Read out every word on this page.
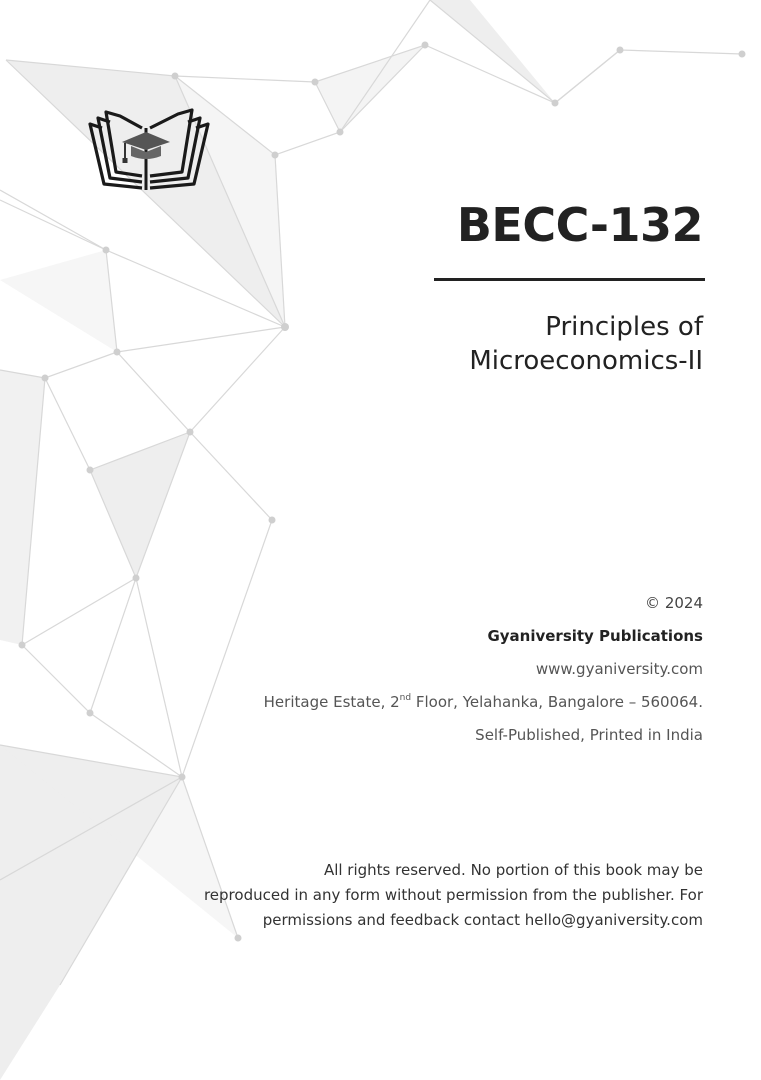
BECC-132
Principles of
Microeconomics-II
© 2024
Gyaniversity Publications
www.gyaniversity.com
Heritage Estate, 2nd Floor, Yelahanka, Bangalore – 560064.
Self-Published, Printed in India
All rights reserved. No portion of this book may be
reproduced in any form without permission from the publisher. For
permissions and feedback contact hello@gyaniversity.com
